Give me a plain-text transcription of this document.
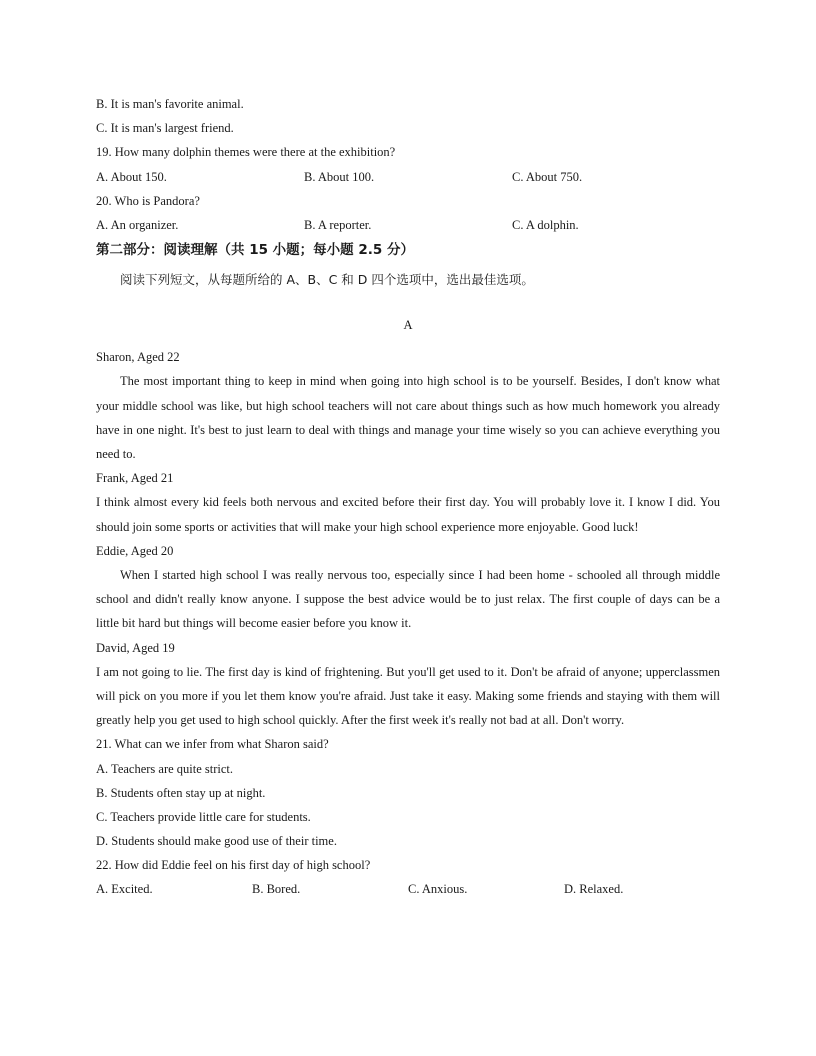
B. It is man's favorite animal.
C. It is man's largest friend.
19. How many dolphin themes were there at the exhibition?
A. About 150.	B. About 100.	C. About 750.
20. Who is Pandora?
A. An organizer.	B. A reporter.	C. A dolphin.
第二部分：阅读理解（共 15 小题；每小题 2.5 分）
阅读下列短文，从每题所给的 A、B、C 和 D 四个选项中，选出最佳选项。
A
Sharon, Aged 22
The most important thing to keep in mind when going into high school is to be yourself. Besides, I don't know what your middle school was like, but high school teachers will not care about things such as how much homework you already have in one night. It's best to just learn to deal with things and manage your time wisely so you can achieve everything you need to.
Frank, Aged 21
I think almost every kid feels both nervous and excited before their first day. You will probably love it. I know I did. You should join some sports or activities that will make your high school experience more enjoyable. Good luck!
Eddie, Aged 20
When I started high school I was really nervous too, especially since I had been home - schooled all through middle school and didn't really know anyone. I suppose the best advice would be to just relax. The first couple of days can be a little bit hard but things will become easier before you know it.
David, Aged 19
I am not going to lie. The first day is kind of frightening. But you'll get used to it. Don't be afraid of anyone; upperclassmen will pick on you more if you let them know you're afraid. Just take it easy. Making some friends and staying with them will greatly help you get used to high school quickly. After the first week it's really not bad at all. Don't worry.
21. What can we infer from what Sharon said?
A. Teachers are quite strict.
B. Students often stay up at night.
C. Teachers provide little care for students.
D. Students should make good use of their time.
22. How did Eddie feel on his first day of high school?
A. Excited.	B. Bored.	C. Anxious.	D. Relaxed.
